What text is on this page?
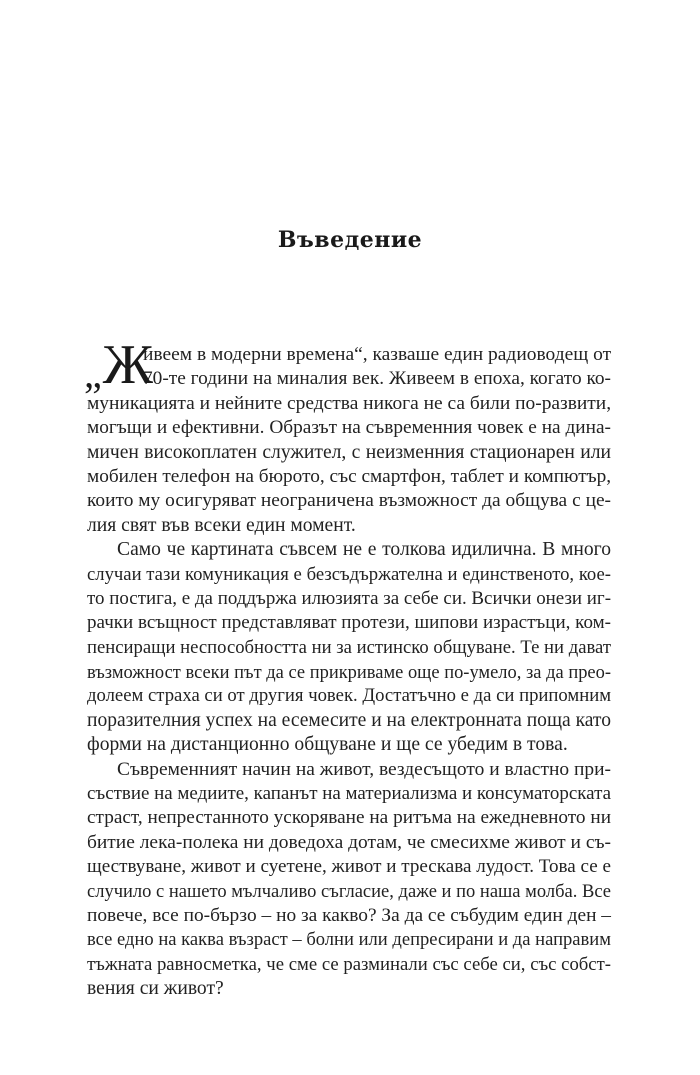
Въведение
„Ж
ивеем в модерни времена“, казваше един радиоводещ от
70-те години на миналия век. Живеем в епоха, когато ко-
муникацията и нейните средства никога не са били по-развити,
могъщи и ефективни. Образът на съвременния човек е на дина-
мичен високоплатен служител, с неизменния стационарен или
мобилен телефон на бюрото, със смартфон, таблет и компютър,
които му осигуряват неограничена възможност да общува с це-
лия свят във всеки един момент.
Само че картината съвсем не е толкова идилична. В много
случаи тази комуникация е безсъдържателна и единственото, кое-
то постига, е да поддържа илюзията за себе си. Всички онези иг-
рачки всъщност представляват протези, шипови израстъци, ком-
пенсиращи неспособността ни за истинско общуване. Те ни дават
възможност всеки път да се прикриваме още по-умело, за да прео-
долеем страха си от другия човек. Достатъчно е да си припомним
поразителния успех на есемесите и на електронната поща като
форми на дистанционно общуване и ще се убедим в това.
Съвременният начин на живот, вездесъщото и властно при-
съствие на медиите, капанът на материализма и консуматорската
страст, непрестанното ускоряване на ритъма на ежедневното ни
битие лека-полека ни доведоха дотам, че смесихме живот и съ-
ществуване, живот и суетене, живот и трескава лудост. Това се е
случило с нашето мълчаливо съгласие, даже и по наша молба. Все
повече, все по-бързо – но за какво? За да се събудим един ден –
все едно на каква възраст – болни или депресирани и да направим
тъжната равносметка, че сме се разминали със себе си, със собст-
вения си живот?
